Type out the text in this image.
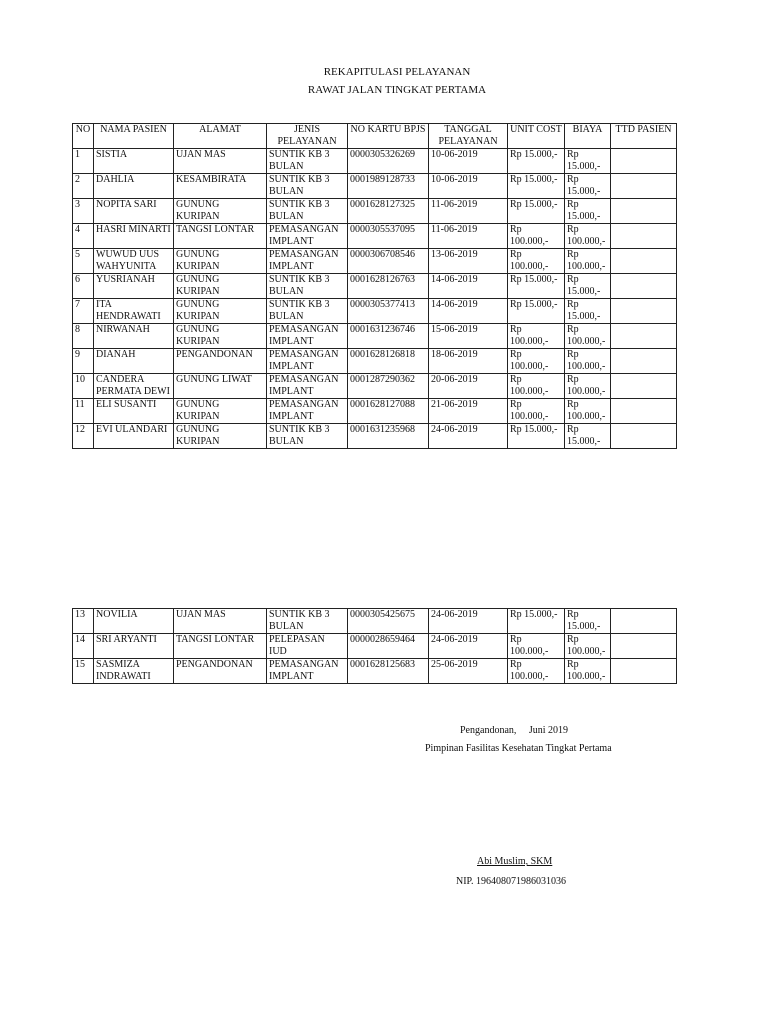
REKAPITULASI PELAYANAN
RAWAT JALAN TINGKAT PERTAMA
NO	NAMA PASIEN	ALAMAT	JENIS PELAYANAN	NO KARTU BPJS	TANGGAL PELAYANAN	UNIT COST	BIAYA	TTD PASIEN
1	SISTIA	UJAN MAS	SUNTIK KB 3 BULAN	0000305326269	10-06-2019	Rp 15.000,-	Rp 15.000,-	
2	DAHLIA	KESAMBIRATA	SUNTIK KB 3 BULAN	0001989128733	10-06-2019	Rp 15.000,-	Rp 15.000,-	
3	NOPITA SARI	GUNUNG KURIPAN	SUNTIK KB 3 BULAN	0001628127325	11-06-2019	Rp 15.000,-	Rp 15.000,-	
4	HASRI MINARTI	TANGSI LONTAR	PEMASANGAN IMPLANT	0000305537095	11-06-2019	Rp 100.000,-	Rp 100.000,-	
5	WUWUD UUS WAHYUNITA	GUNUNG KURIPAN	PEMASANGAN IMPLANT	0000306708546	13-06-2019	Rp 100.000,-	Rp 100.000,-	
6	YUSRIANAH	GUNUNG KURIPAN	SUNTIK KB 3 BULAN	0001628126763	14-06-2019	Rp 15.000,-	Rp 15.000,-	
7	ITA HENDRAWATI	GUNUNG KURIPAN	SUNTIK KB 3 BULAN	0000305377413	14-06-2019	Rp 15.000,-	Rp 15.000,-	
8	NIRWANAH	GUNUNG KURIPAN	PEMASANGAN IMPLANT	0001631236746	15-06-2019	Rp 100.000,-	Rp 100.000,-	
9	DIANAH	PENGANDONAN	PEMASANGAN IMPLANT	0001628126818	18-06-2019	Rp 100.000,-	Rp 100.000,-	
10	CANDERA PERMATA DEWI	GUNUNG LIWAT	PEMASANGAN IMPLANT	0001287290362	20-06-2019	Rp 100.000,-	Rp 100.000,-	
11	ELI SUSANTI	GUNUNG KURIPAN	PEMASANGAN IMPLANT	0001628127088	21-06-2019	Rp 100.000,-	Rp 100.000,-	
12	EVI ULANDARI	GUNUNG KURIPAN	SUNTIK KB 3 BULAN	0001631235968	24-06-2019	Rp 15.000,-	Rp 15.000,-	
13	NOVILIA	UJAN MAS	SUNTIK KB 3 BULAN	0000305425675	24-06-2019	Rp 15.000,-	Rp 15.000,-	
14	SRI ARYANTI	TANGSI LONTAR	PELEPASAN IUD	0000028659464	24-06-2019	Rp 100.000,-	Rp 100.000,-	
15	SASMIZA INDRAWATI	PENGANDONAN	PEMASANGAN IMPLANT	0001628125683	25-06-2019	Rp 100.000,-	Rp 100.000,-	
Pengandonan,     Juni 2019
Pimpinan Fasilitas Kesehatan Tingkat Pertama
Abi Muslim, SKM
NIP. 196408071986031036
